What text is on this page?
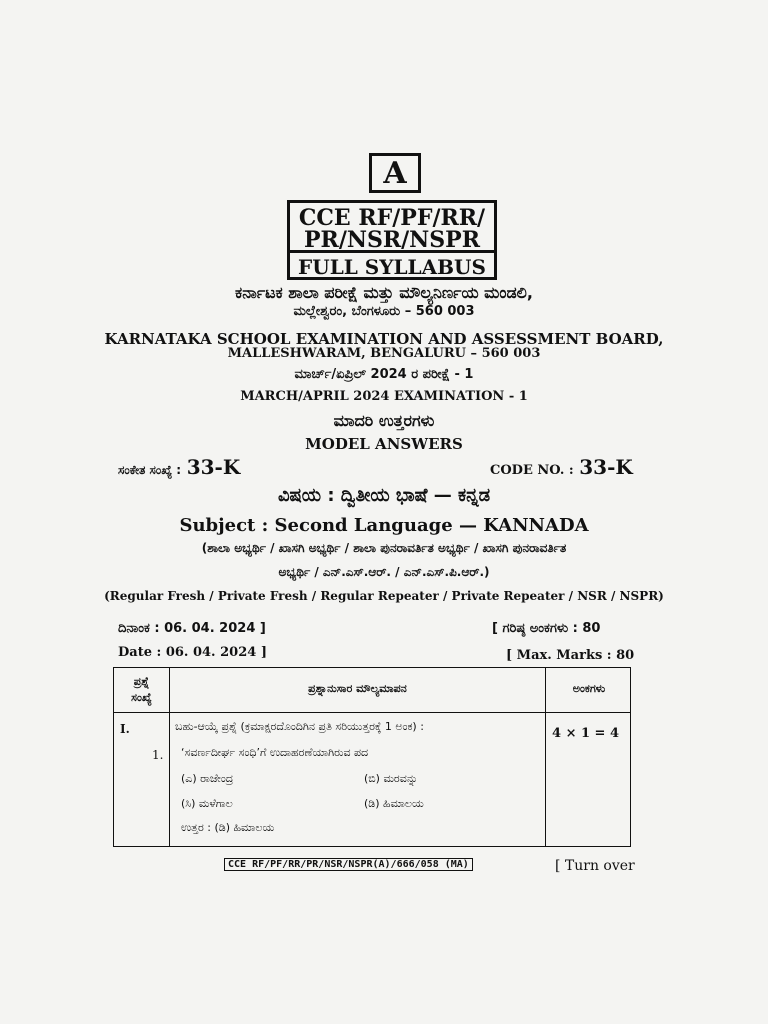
A
CCE RF/PF/RR/
PR/NSR/NSPR
FULL SYLLABUS
ಕರ್ನಾಟಕ ಶಾಲಾ ಪರೀಕ್ಷೆ ಮತ್ತು ಮೌಲ್ಯನಿರ್ಣಯ ಮಂಡಲಿ,
ಮಲ್ಲೇಶ್ವರಂ, ಬೆಂಗಳೂರು – 560 003
KARNATAKA SCHOOL EXAMINATION AND ASSESSMENT BOARD,
MALLESHWARAM, BENGALURU – 560 003
ಮಾರ್ಚ್/ಏಪ್ರಿಲ್ 2024 ರ ಪರೀಕ್ಷೆ - 1
MARCH/APRIL 2024 EXAMINATION - 1
ಮಾದರಿ ಉತ್ತರಗಳು
MODEL ANSWERS
ಸಂಕೇತ ಸಂಖ್ಯೆ : 33-K	CODE NO. : 33-K
ವಿಷಯ : ದ್ವಿತೀಯ ಭಾಷೆ — ಕನ್ನಡ
Subject : Second Language — KANNADA
(ಶಾಲಾ ಅಭ್ಯರ್ಥಿ / ಖಾಸಗಿ ಅಭ್ಯರ್ಥಿ / ಶಾಲಾ ಪುನರಾವರ್ತಿತ ಅಭ್ಯರ್ಥಿ / ಖಾಸಗಿ ಪುನರಾವರ್ತಿತ
ಅಭ್ಯರ್ಥಿ / ಎನ್.ಎಸ್.ಆರ್. / ಎನ್.ಎಸ್.ಪಿ.ಆರ್.)
(Regular Fresh / Private Fresh / Regular Repeater / Private Repeater / NSR / NSPR)
ದಿನಾಂಕ : 06. 04. 2024 ]
Date : 06. 04. 2024 ]
[ ಗರಿಷ್ಠ ಅಂಕಗಳು : 80
[ Max. Marks : 80
ಪ್ರಶ್ನೆ
ಸಂಖ್ಯೆ
ಪ್ರಶ್ನಾನುಸಾರ ಮೌಲ್ಯಮಾಪನ	ಅಂಕಗಳು
I.	ಬಹು-ಆಯ್ಕೆ ಪ್ರಶ್ನೆ (ಕ್ರಮಾಕ್ಷರದೊಂದಿಗಿನ ಪ್ರತಿ ಸರಿಯುತ್ತರಕ್ಕೆ 1 ಅಂಕ) :	4 × 1 = 4
1. ‘ಸವರ್ಣದೀರ್ಘ ಸಂಧಿ’ಗೆ ಉದಾಹರಣೆಯಾಗಿರುವ ಪದ
(ಎ) ರಾಜೇಂದ್ರ	(ಬಿ) ಮರವನ್ನು
(ಸಿ) ಮಳೆಗಾಲ	(ಡಿ) ಹಿಮಾಲಯ
ಉತ್ತರ : (ಡಿ) ಹಿಮಾಲಯ
CCE RF/PF/RR/PR/NSR/NSPR(A)/666/058 (MA)	[ Turn over
